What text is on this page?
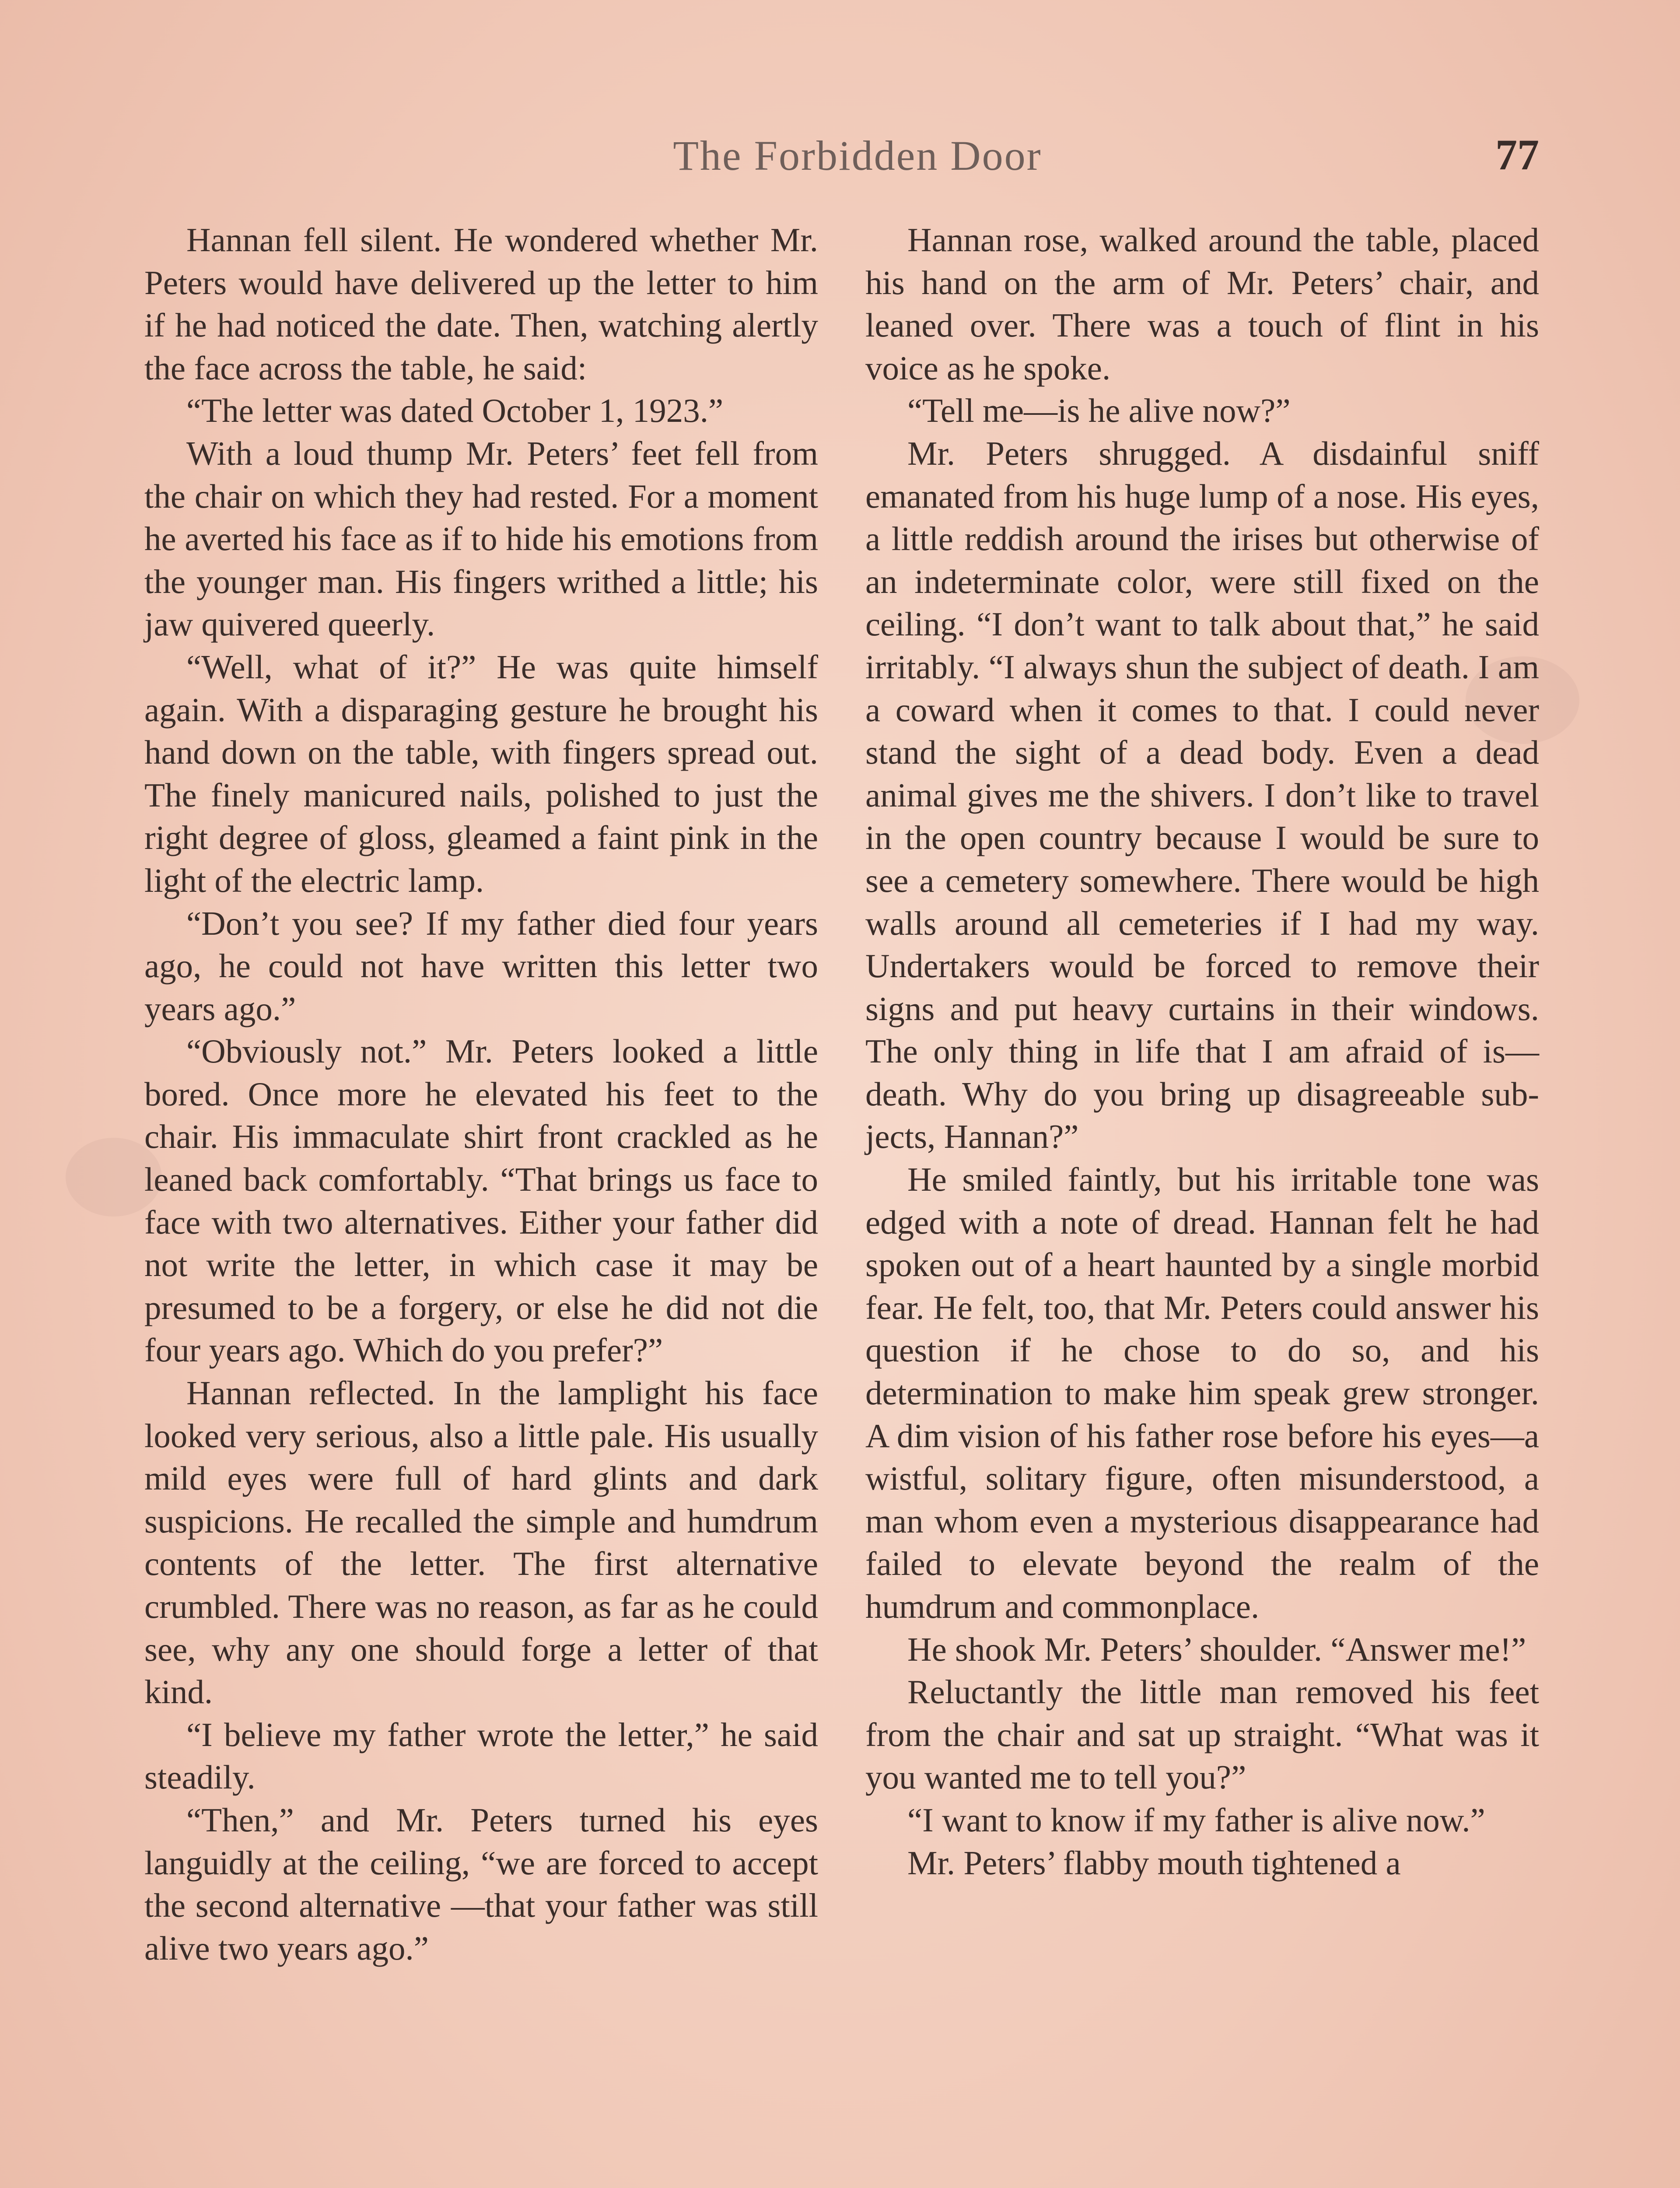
The Forbidden Door	77

Hannan fell silent. He wondered whether Mr. Peters would have delivered up the letter to him if he had noticed the date. Then, watching alertly the face across the table, he said:

“The letter was dated October 1, 1923.”

With a loud thump Mr. Peters’ feet fell from the chair on which they had rested. For a moment he averted his face as if to hide his emotions from the younger man. His fingers writhed a little; his jaw quivered queerly.

“Well, what of it?” He was quite himself again. With a disparaging gesture he brought his hand down on the table, with fingers spread out. The finely manicured nails, polished to just the right degree of gloss, gleamed a faint pink in the light of the electric lamp.

“Don’t you see? If my father died four years ago, he could not have written this letter two years ago.”

“Obviously not.” Mr. Peters looked a little bored. Once more he elevated his feet to the chair. His immaculate shirt front crackled as he leaned back comfortably. “That brings us face to face with two alternatives. Either your father did not write the letter, in which case it may be presumed to be a forgery, or else he did not die four years ago. Which do you prefer?”

Hannan reflected. In the lamplight his face looked very serious, also a little pale. His usually mild eyes were full of hard glints and dark suspicions. He recalled the simple and humdrum contents of the letter. The first alternative crumbled. There was no reason, as far as he could see, why any one should forge a letter of that kind.

“I believe my father wrote the letter,” he said steadily.

“Then,” and Mr. Peters turned his eyes languidly at the ceiling, “we are forced to accept the second alternative —that your father was still alive two years ago.”

Hannan rose, walked around the table, placed his hand on the arm of Mr. Peters’ chair, and leaned over. There was a touch of flint in his voice as he spoke.

“Tell me—is he alive now?”

Mr. Peters shrugged. A disdainful sniff emanated from his huge lump of a nose. His eyes, a little reddish around the irises but otherwise of an indeterminate color, were still fixed on the ceiling. “I don’t want to talk about that,” he said irritably. “I always shun the subject of death. I am a coward when it comes to that. I could never stand the sight of a dead body. Even a dead animal gives me the shivers. I don’t like to travel in the open country because I would be sure to see a cemetery somewhere. There would be high walls around all cemeteries if I had my way. Undertakers would be forced to remove their signs and put heavy curtains in their windows. The only thing in life that I am afraid of is—death. Why do you bring up disagreeable subjects, Hannan?”

He smiled faintly, but his irritable tone was edged with a note of dread. Hannan felt he had spoken out of a heart haunted by a single morbid fear. He felt, too, that Mr. Peters could answer his question if he chose to do so, and his determination to make him speak grew stronger. A dim vision of his father rose before his eyes—a wistful, solitary figure, often misunderstood, a man whom even a mysterious disappearance had failed to elevate beyond the realm of the humdrum and commonplace.

He shook Mr. Peters’ shoulder. “Answer me!”

Reluctantly the little man removed his feet from the chair and sat up straight. “What was it you wanted me to tell you?”

“I want to know if my father is alive now.”

Mr. Peters’ flabby mouth tightened a
